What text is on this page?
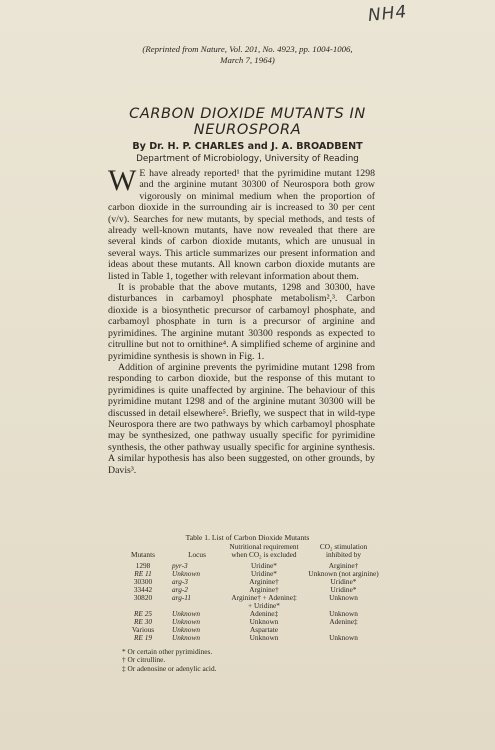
NH4
(Reprinted from Nature, Vol. 201, No. 4923, pp. 1004-1006,
March 7, 1964)
CARBON DIOXIDE MUTANTS IN
NEUROSPORA
By Dr. H. P. CHARLES and J. A. BROADBENT
Department of Microbiology, University of Reading

W E have already reported¹ that the pyrimidine mutant 1298 and the arginine mutant 30300 of Neurospora both grow vigorously on minimal medium when the proportion of carbon dioxide in the surrounding air is increased to 30 per cent (v/v). Searches for new mutants, by special methods, and tests of already well-known mutants, have now revealed that there are several kinds of carbon dioxide mutants, which are unusual in several ways. This article summarizes our present information and ideas about these mutants. All known carbon dioxide mutants are listed in Table 1, together with relevant information about them.

It is probable that the above mutants, 1298 and 30300, have disturbances in carbamoyl phosphate metabolism²,³. Carbon dioxide is a biosynthetic precursor of carbamoyl phosphate, and carbamoyl phosphate in turn is a precursor of arginine and pyrimidines. The arginine mutant 30300 responds as expected to citrulline but not to ornithine⁴. A simplified scheme of arginine and pyrimidine synthesis is shown in Fig. 1.

Addition of arginine prevents the pyrimidine mutant 1298 from responding to carbon dioxide, but the response of this mutant to pyrimidines is quite unaffected by arginine. The behaviour of this pyrimidine mutant 1298 and of the arginine mutant 30300 will be discussed in detail elsewhere⁵. Briefly, we suspect that in wild-type Neurospora there are two pathways by which carbamoyl phosphate may be synthesized, one pathway usually specific for pyrimidine synthesis, the other pathway usually specific for arginine synthesis. A similar hypothesis has also been suggested, on other grounds, by Davis³.

Table 1. List of Carbon Dioxide Mutants
Mutants	Locus	Nutritional requirement when CO₂ is excluded	CO₂ stimulation inhibited by
1298	pyr-3	Uridine*	Arginine†
RE 11	Unknown	Uridine*	Unknown (not arginine)
30300	arg-3	Arginine†	Uridine*
33442	arg-2	Arginine†	Uridine*
30820	arg-11	Arginine† + Adenine‡	Unknown
		+ Uridine*	
RE 25	Unknown	Adenine‡	Unknown
RE 30	Unknown	Unknown	Adenine‡
Various	Unknown	Aspartate	
RE 19	Unknown	Unknown	Unknown
* Or certain other pyrimidines.
† Or citrulline.
‡ Or adenosine or adenylic acid.
